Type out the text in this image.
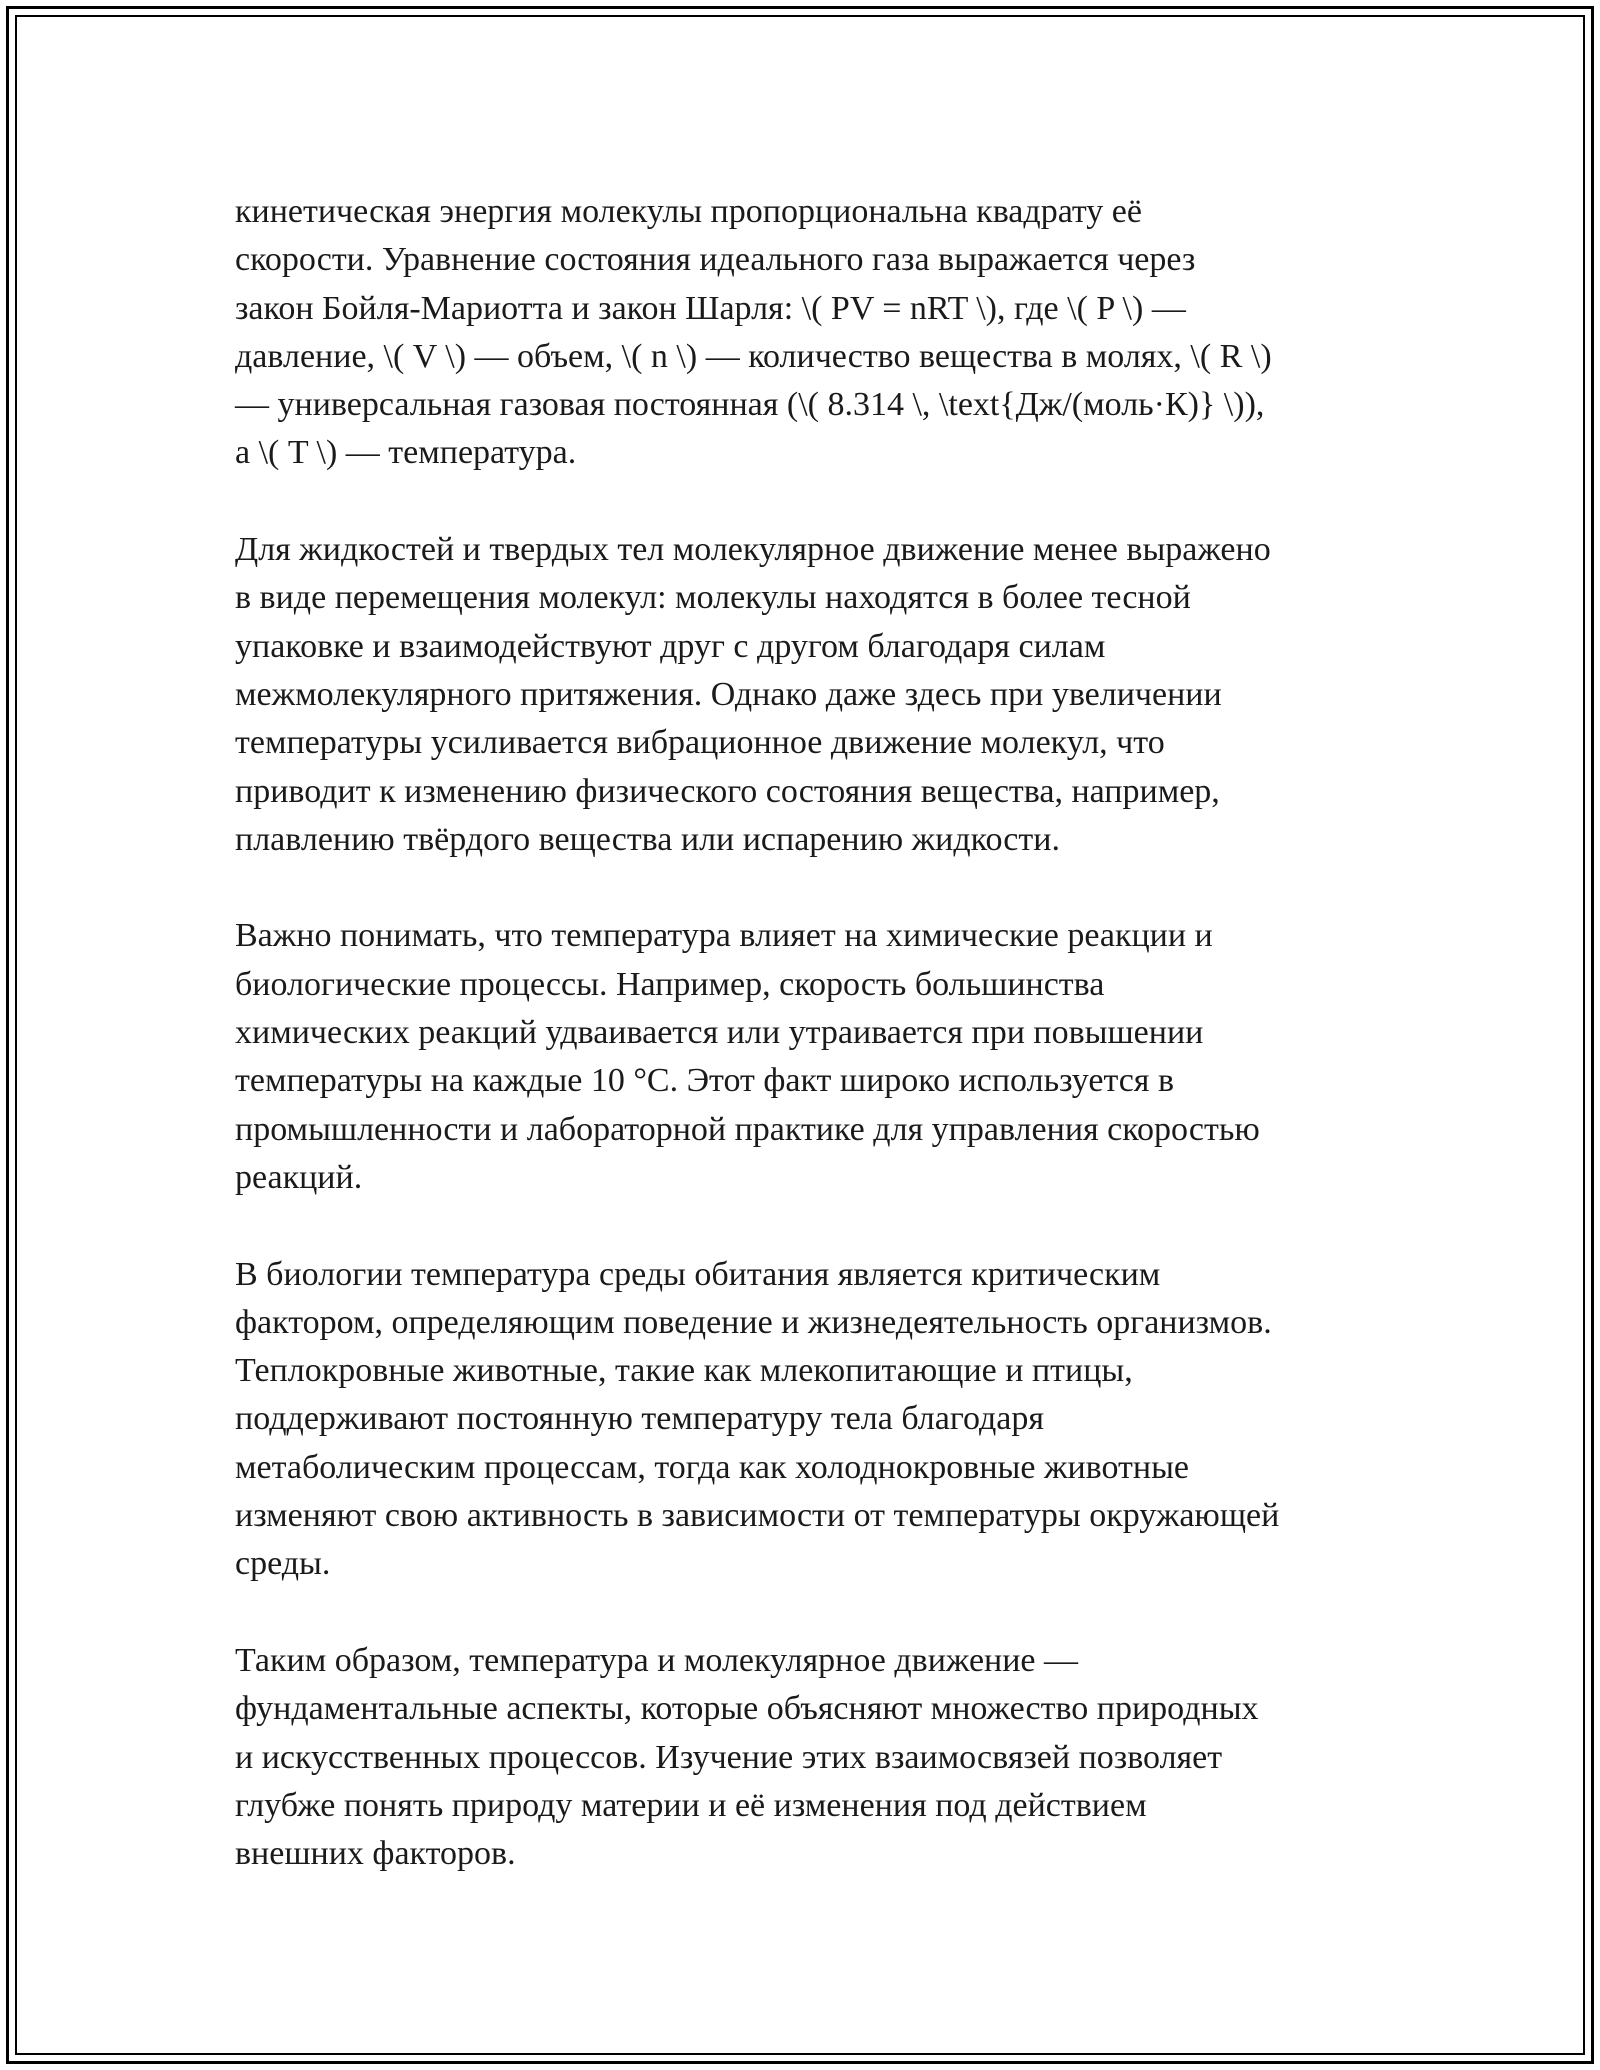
кинетическая энергия молекулы пропорциональна квадрату её
скорости. Уравнение состояния идеального газа выражается через
закон Бойля-Мариотта и закон Шарля: \( PV = nRT \), где \( P \) —
давление, \( V \) — объем, \( n \) — количество вещества в молях, \( R \)
— универсальная газовая постоянная (\( 8.314 \, \text{Дж/(моль·К)} \)),
а \( T \) — температура.

Для жидкостей и твердых тел молекулярное движение менее выражено
в виде перемещения молекул: молекулы находятся в более тесной
упаковке и взаимодействуют друг с другом благодаря силам
межмолекулярного притяжения. Однако даже здесь при увеличении
температуры усиливается вибрационное движение молекул, что
приводит к изменению физического состояния вещества, например,
плавлению твёрдого вещества или испарению жидкости.

Важно понимать, что температура влияет на химические реакции и
биологические процессы. Например, скорость большинства
химических реакций удваивается или утраивается при повышении
температуры на каждые 10 °C. Этот факт широко используется в
промышленности и лабораторной практике для управления скоростью
реакций.

В биологии температура среды обитания является критическим
фактором, определяющим поведение и жизнедеятельность организмов.
Теплокровные животные, такие как млекопитающие и птицы,
поддерживают постоянную температуру тела благодаря
метаболическим процессам, тогда как холоднокровные животные
изменяют свою активность в зависимости от температуры окружающей
среды.

Таким образом, температура и молекулярное движение —
фундаментальные аспекты, которые объясняют множество природных
и искусственных процессов. Изучение этих взаимосвязей позволяет
глубже понять природу материи и её изменения под действием
внешних факторов.
